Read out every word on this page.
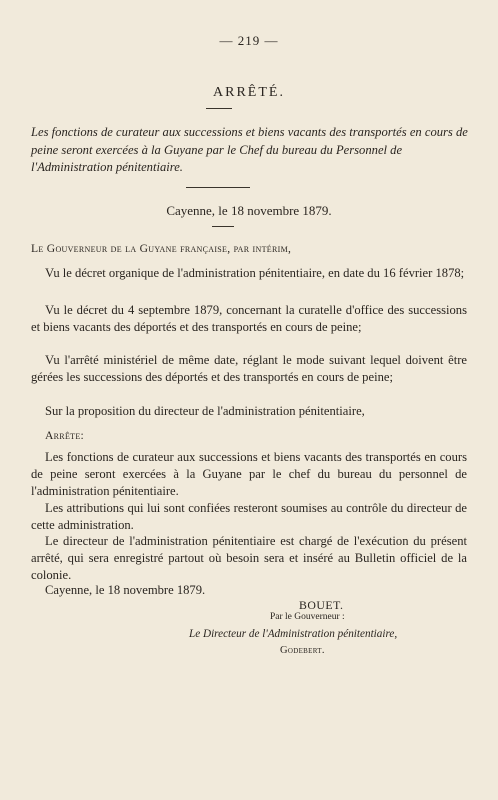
— 219 —
ARRÊTÉ.
Les fonctions de curateur aux successions et biens vacants des transportés en cours de peine seront exercées à la Guyane par le Chef du bureau du Personnel de l'Administration pénitentiaire.
Cayenne, le 18 novembre 1879.
Le Gouverneur de la Guyane française, par intérim,
Vu le décret organique de l'administration pénitentiaire, en date du 16 février 1878;
Vu le décret du 4 septembre 1879, concernant la curatelle d'office des successions et biens vacants des déportés et des transportés en cours de peine;
Vu l'arrêté ministériel de même date, réglant le mode suivant lequel doivent être gérées les successions des déportés et des transportés en cours de peine;
Sur la proposition du directeur de l'administration pénitentiaire,
Arrête:
Les fonctions de curateur aux successions et biens vacants des transportés en cours de peine seront exercées à la Guyane par le chef du bureau du personnel de l'administration pénitentiaire.
Les attributions qui lui sont confiées resteront soumises au contrôle du directeur de cette administration.
Le directeur de l'administration pénitentiaire est chargé de l'exécution du présent arrêté, qui sera enregistré partout où besoin sera et inséré au Bulletin officiel de la colonie.
Cayenne, le 18 novembre 1879.
BOUET.
Par le Gouverneur :
Le Directeur de l'Administration pénitentiaire,
Godebert.
